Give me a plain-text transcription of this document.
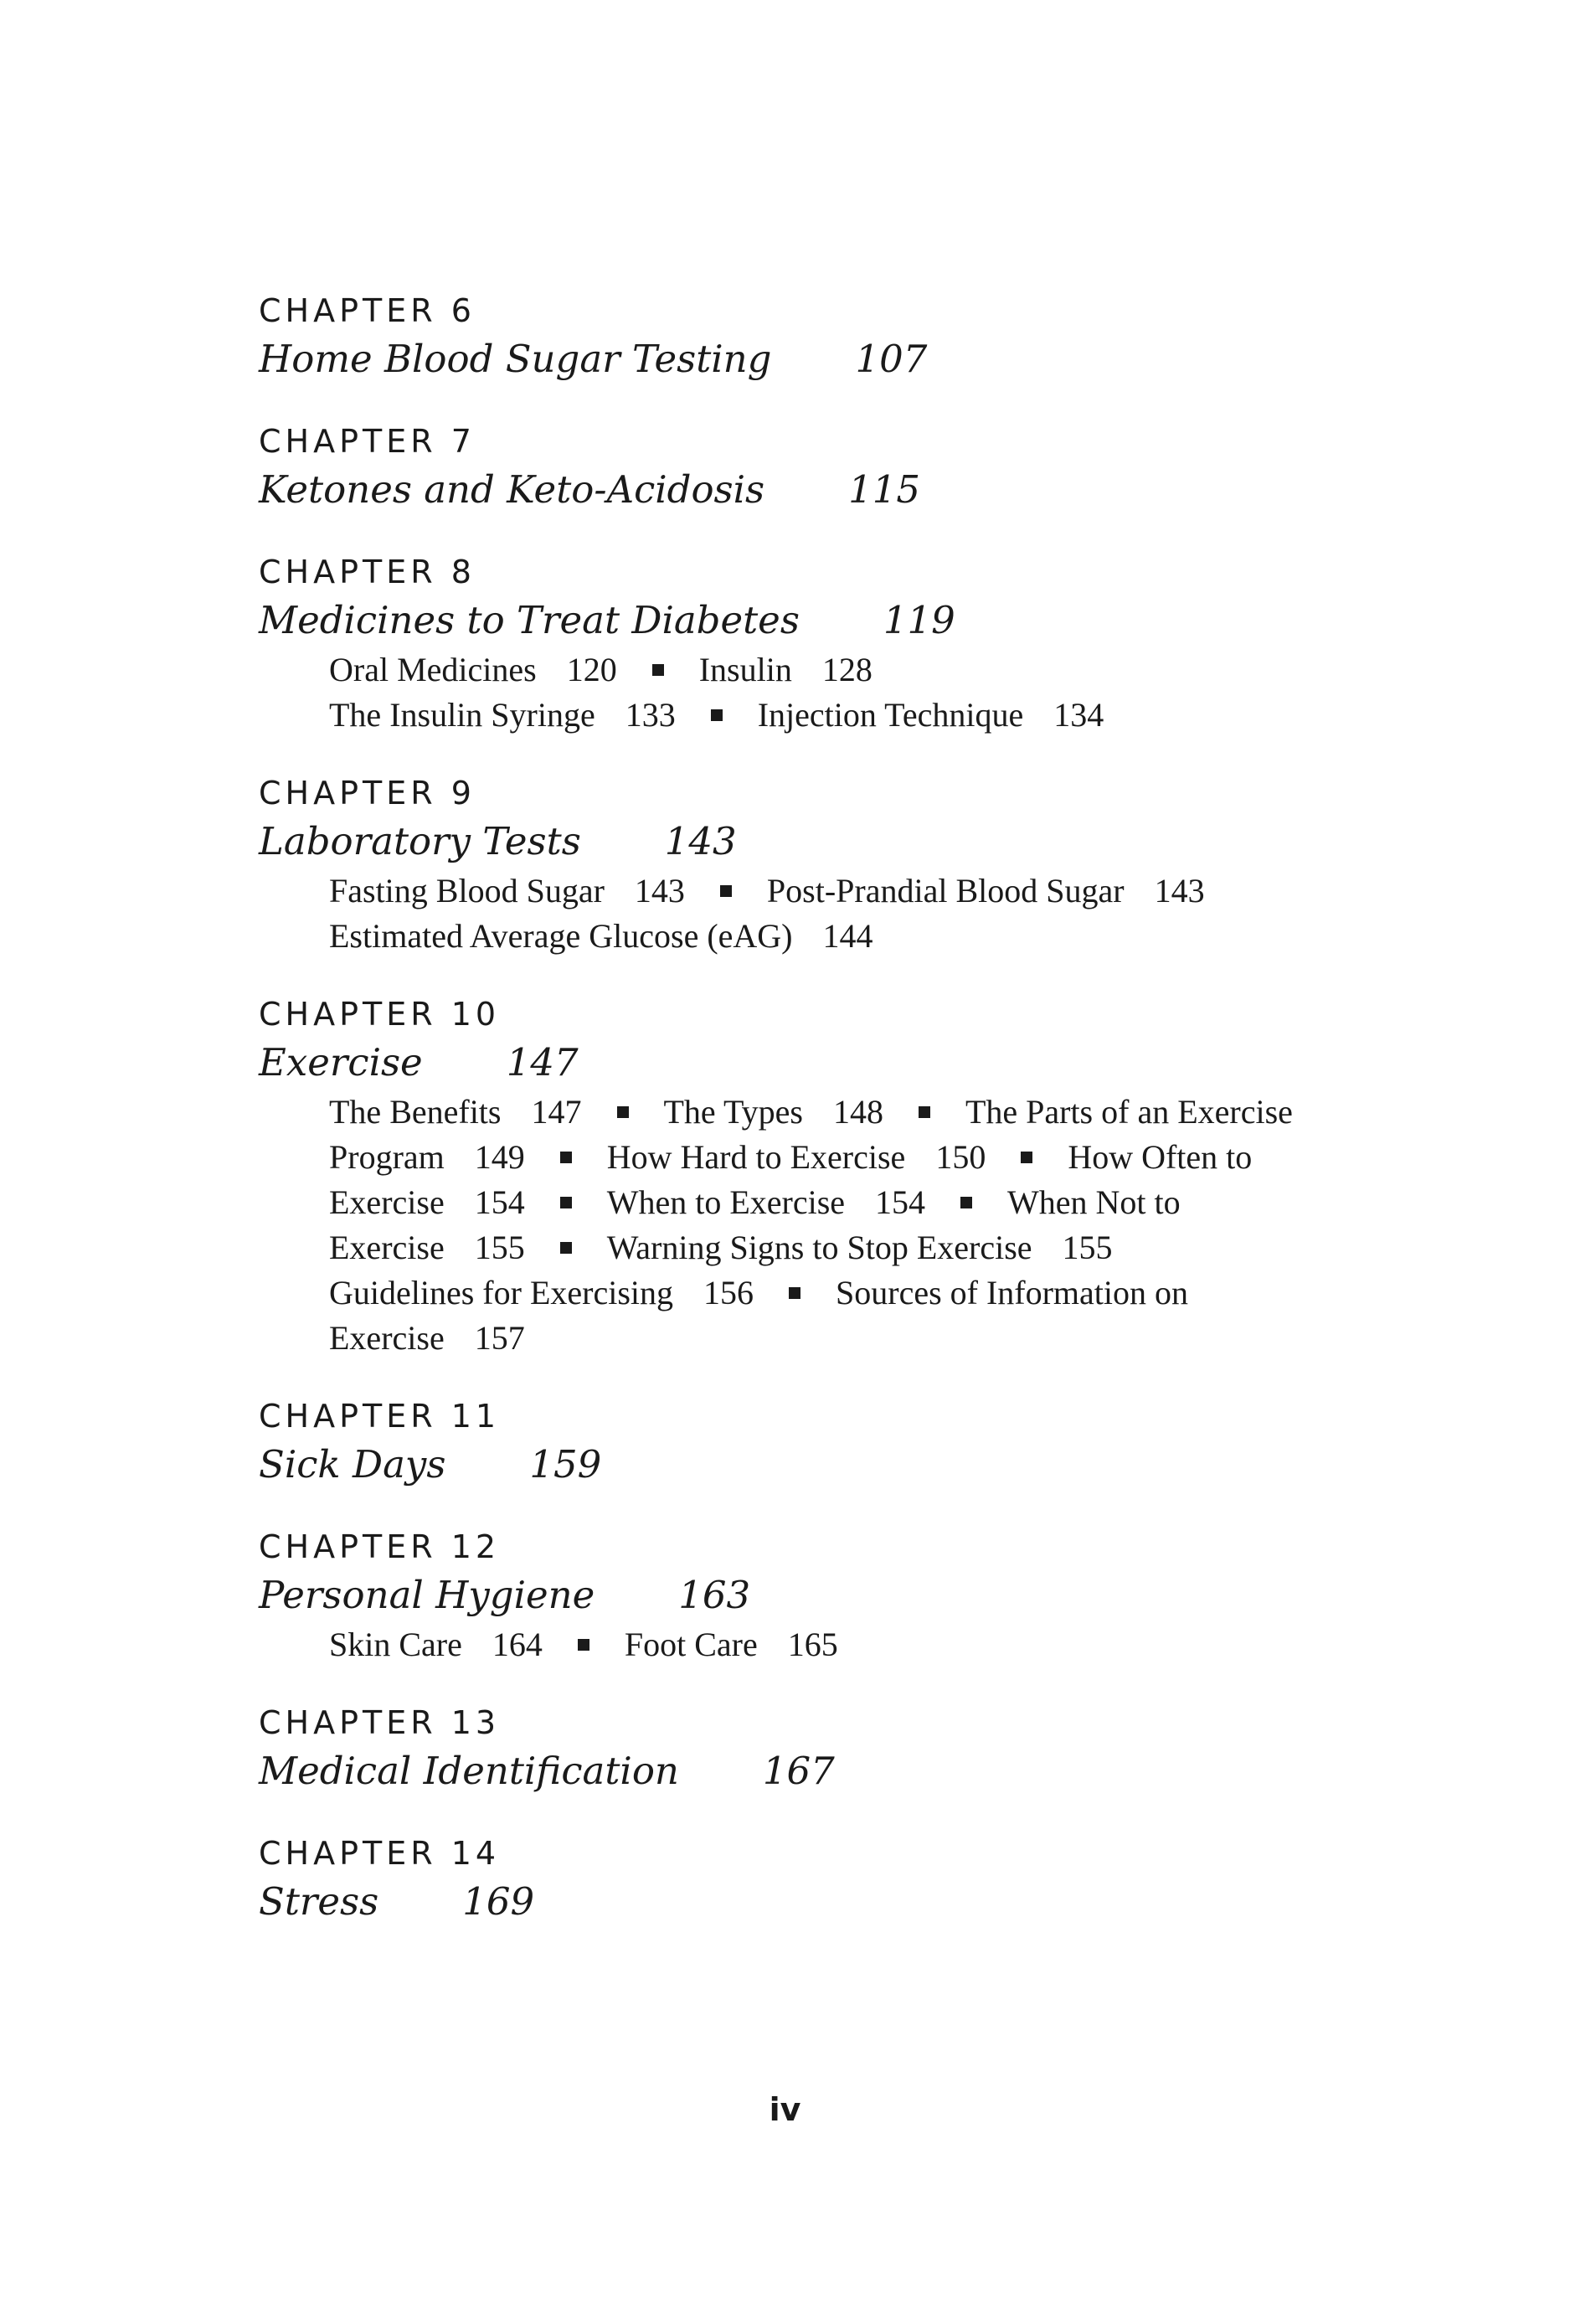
CHAPTER 6
Home Blood Sugar Testing 107
CHAPTER 7
Ketones and Keto-Acidosis 115
CHAPTER 8
Medicines to Treat Diabetes 119
Oral Medicines 120 Insulin 128
The Insulin Syringe 133 Injection Technique 134
CHAPTER 9
Laboratory Tests 143
Fasting Blood Sugar 143 Post-Prandial Blood Sugar 143
Estimated Average Glucose (eAG) 144
CHAPTER 10
Exercise 147
The Benefits 147 The Types 148 The Parts of an Exercise
Program 149 How Hard to Exercise 150 How Often to
Exercise 154 When to Exercise 154 When Not to
Exercise 155 Warning Signs to Stop Exercise 155
Guidelines for Exercising 156 Sources of Information on
Exercise 157
CHAPTER 11
Sick Days 159
CHAPTER 12
Personal Hygiene 163
Skin Care 164 Foot Care 165
CHAPTER 13
Medical Identification 167
CHAPTER 14
Stress 169
iv
